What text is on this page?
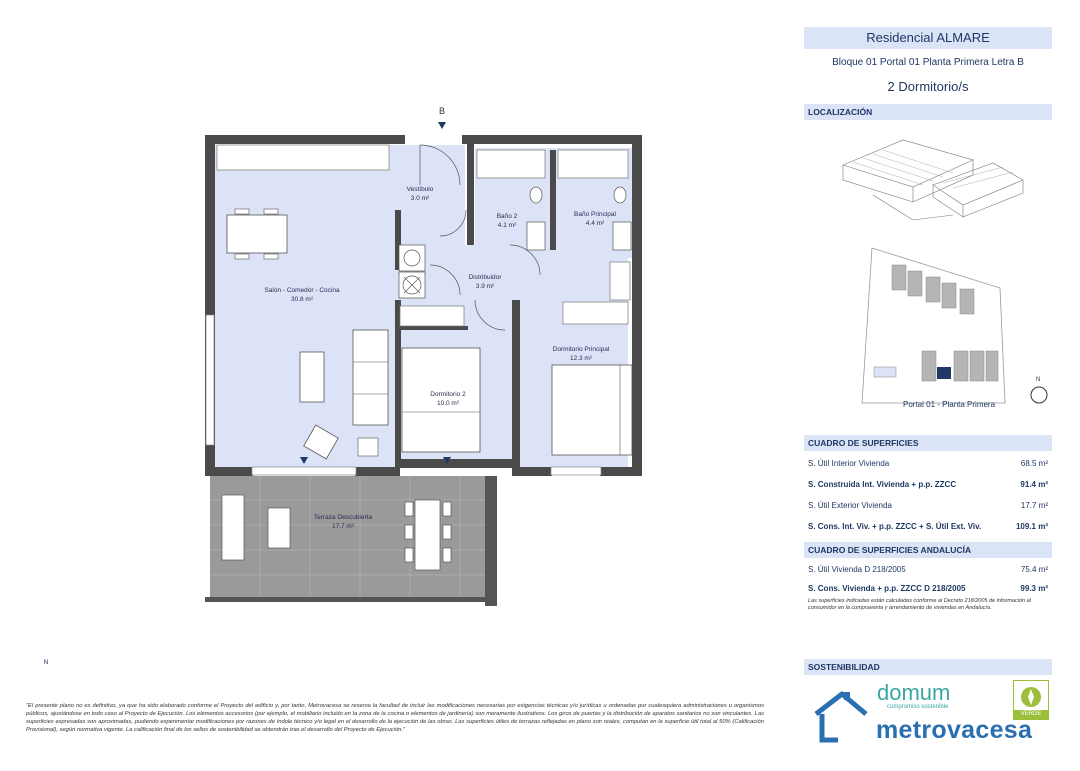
B
Vestíbulo
3.0 m²
Baño 2
4.1 m²
Baño Principal
4.4 m²
Distribuidor
3.9 m²
Salón - Comedor - Cocina
30.8 m²
Dormitorio Principal
12.3 m²
Dormitorio 2
10.0 m²
Terraza Descubierta
17.7 m²
N
Residencial ALMARE
Bloque 01 Portal 01 Planta Primera Letra B
2 Dormitorio/s
LOCALIZACIÓN
Portal 01 - Planta Primera
N
CUADRO DE SUPERFICIES
S. Útil Interior Vivienda	68.5 m²
S. Construida Int. Vivienda + p.p. ZZCC	91.4 m²
S. Útil Exterior Vivienda	17.7 m²
S. Cons. Int. Viv. + p.p. ZZCC + S. Útil Ext. Viv.	109.1 m²
CUADRO DE SUPERFICIES ANDALUCÍA
S. Útil Vivienda D 218/2005	75.4 m²
S. Cons. Vivienda + p.p. ZZCC D 218/2005	99.3 m²
Las superficies indicadas están calculadas conforme al Decreto 218/2005 de información al consumidor en la compraventa y arrendamiento de viviendas en Andalucía.
SOSTENIBILIDAD
domum
compromiso sostenible
VERDE
metrovacesa
"El presente plano no es definitivo, ya que ha sido elaborado conforme el Proyecto del edificio y, por tanto, Metrovacesa se reserva la facultad de incluir las modificaciones necesarias por exigencias técnicas y/o jurídicas u ordenadas por cualesquiera administraciones u organismos públicos, ajustándose en todo caso al Proyecto de Ejecución. Los elementos accesorios (por ejemplo, el mobiliario incluido en la zona de la cocina o elementos de jardinería) son meramente ilustrativos. Los giros de puertas y la distribución de aparatos sanitarios no son vinculantes. Las superficies expresadas son aproximadas, pudiendo experimentar modificaciones por razones de índole técnico y/o legal en el desarrollo de la ejecución de las obras. Las superficies útiles de terrazas reflejadas en plano son reales, computan en la superficie útil total al 50% (Calificación Provisional), según normativa vigente. La calificación final de los sellos de sostenibilidad se obtendrán tras el desarrollo del Proyecto de Ejecución."
